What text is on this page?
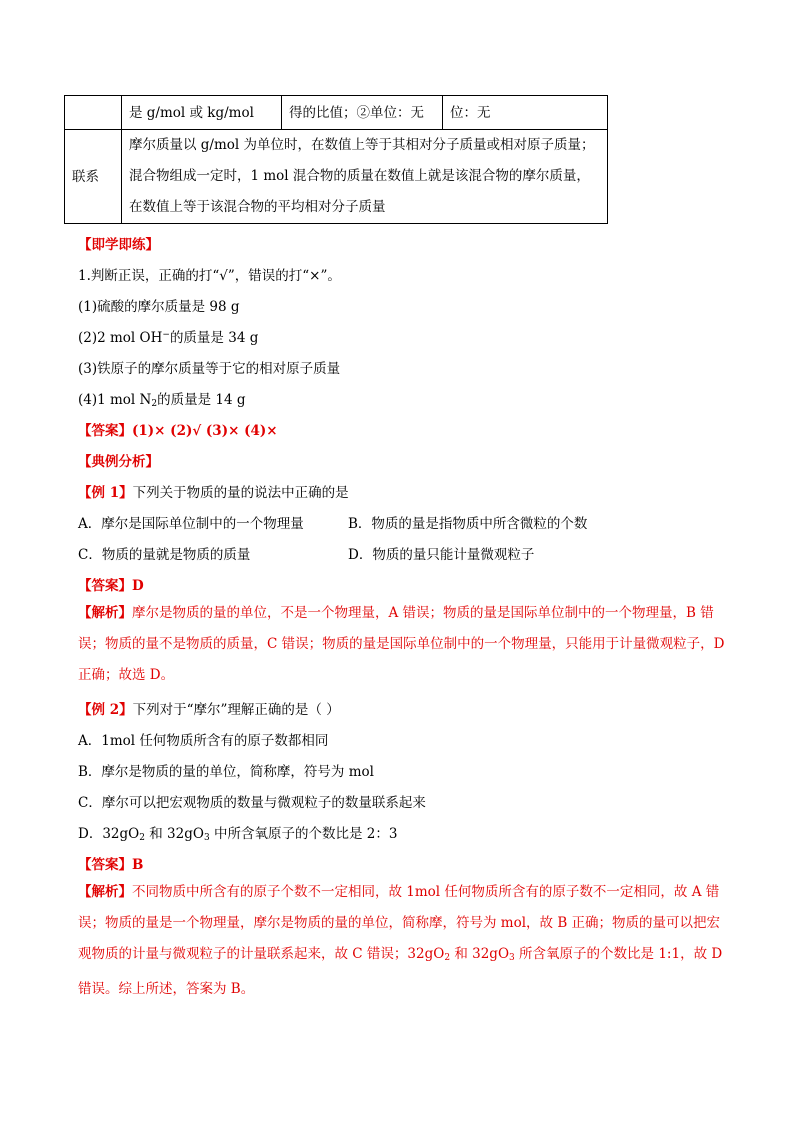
	是 g/mol 或 kg/mol	得的比值；②单位：无	位：无
联系	摩尔质量以 g/mol 为单位时，在数值上等于其相对分子质量或相对原子质量；混合物组成一定时，1 mol 混合物的质量在数值上就是该混合物的摩尔质量，在数值上等于该混合物的平均相对分子质量		
【即学即练】
1.判断正误，正确的打“√”，错误的打“×”。
(1)硫酸的摩尔质量是 98 g
(2)2 mol OH−的质量是 34 g
(3)铁原子的摩尔质量等于它的相对原子质量
(4)1 mol $N_2$的质量是 14 g
【答案】(1)× (2)√ (3)× (4)×
【典例分析】
【例 1】下列关于物质的量的说法中正确的是
A．摩尔是国际单位制中的一个物理量	B．物质的量是指物质中所含微粒的个数
C．物质的量就是物质的质量	D．物质的量只能计量微观粒子
【答案】D
【解析】摩尔是物质的量的单位，不是一个物理量，A 错误；物质的量是国际单位制中的一个物理量，B 错误；物质的量不是物质的质量，C 错误；物质的量是国际单位制中的一个物理量，只能用于计量微观粒子，D 正确；故选 D。
【例 2】下列对于“摩尔”理解正确的是（ ）
A．1mol 任何物质所含有的原子数都相同
B．摩尔是物质的量的单位，简称摩，符号为 mol
C．摩尔可以把宏观物质的数量与微观粒子的数量联系起来
D．$32gO_2$ 和 $32gO_3$ 中所含氧原子的个数比是 2：3
【答案】B
【解析】不同物质中所含有的原子个数不一定相同，故 1mol 任何物质所含有的原子数不一定相同，故 A 错误；物质的量是一个物理量，摩尔是物质的量的单位，简称摩，符号为 mol，故 B 正确；物质的量可以把宏观物质的计量与微观粒子的计量联系起来，故 C 错误；$32gO_2$ 和 $32gO_3$ 所含氧原子的个数比是 1:1，故 D 错误。综上所述，答案为 B。
